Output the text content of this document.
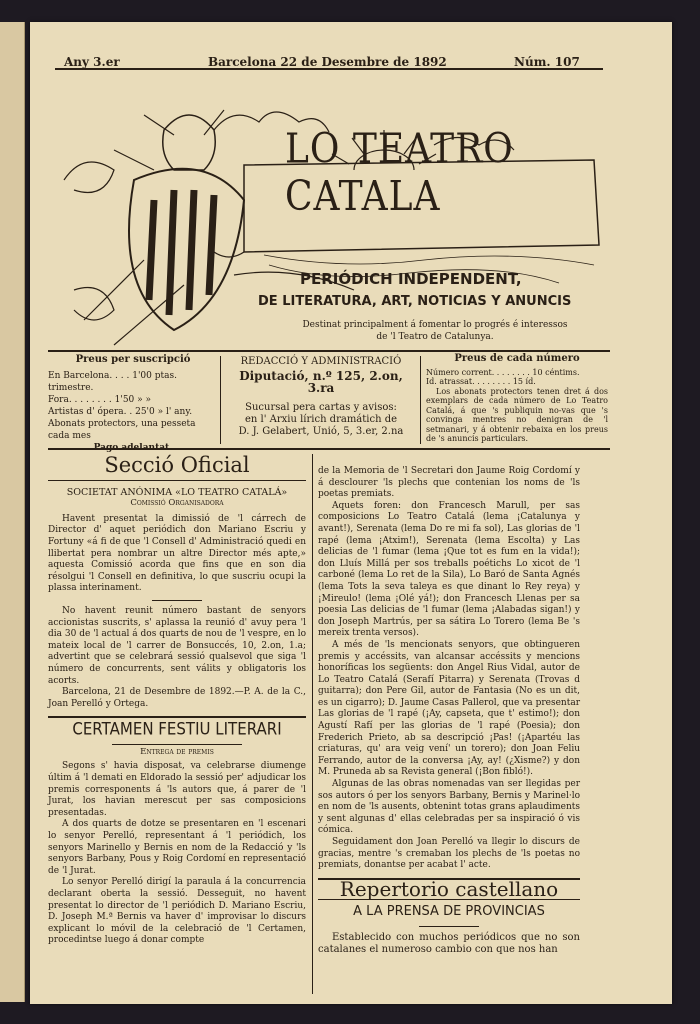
Any 3.er	Barcelona 22 de Desembre de 1892	Núm. 107
LO TEATRO CATALA
PERIÓDICH INDEPENDENT,
DE LITERATURA, ART, NOTICIAS Y ANUNCIS
Destinat principalment á fomentar lo progrés é interessos
de 'l Teatro de Catalunya.
Preus per suscripció
En Barcelona. . . . 1'00 ptas. trimestre.
Fora. . . . . . . . 1'50 » »
Artistas d' ópera. . 25'0 » l' any.
Abonats protectors, una pesseta cada mes
Pago adelantat.
REDACCIÓ Y ADMINISTRACIÓ
Diputació, n.º 125, 2.on, 3.ra
Sucursal pera cartas y avisos:
en l' Arxiu lírich dramátich de
D. J. Gelabert, Unió, 5, 3.er, 2.na
Preus de cada número
Número corrent. . . . . . . . 10 céntims.
Id. atrassat. . . . . . . . 15 íd.
Los abonats protectors tenen dret á dos exemplars de cada número de Lo Teatro Catalá, á que 's publiquin no-vas que 's convinga mentres no denigran de 'l setmanari, y á obtenir rebaixa en los preus de 's anuncis particulars.
Secció Oficial
SOCIETAT ANÓNIMA «LO TEATRO CATALÁ»
Comissió Organisadora
Havent presentat la dimissió de 'l cárrech de Director d' aquet periódich don Mariano Escriu y Fortuny «á fi de que 'l Consell d' Administració quedi en llibertat pera nombrar un altre Director més apte,» aquesta Comissió acorda que fins que en son dia résolgui 'l Consell en definitiva, lo que suscriu ocupi la plassa interinament.
No havent reunit número bastant de senyors accionistas suscrits, s' aplassa la reunió d' avuy pera 'l dia 30 de 'l actual á dos quarts de nou de 'l vespre, en lo mateix local de 'l carrer de Bonsuccés, 10, 2.on, 1.a; advertint que se celebrará sessió qualsevol que siga 'l número de concurrents, sent válits y obligatoris los acorts.
Barcelona, 21 de Desembre de 1892.—P. A. de la C., Joan Perelló y Ortega.
CERTAMEN FESTIU LITERARI
Entrega de premis
Segons s' havia disposat, va celebrarse diumenge últim á 'l demati en Eldorado la sessió per' adjudicar los premis corresponents á 'ls autors que, á parer de 'l Jurat, los havian merescut per sas composicions presentadas.
A dos quarts de dotze se presentaren en 'l escenari lo senyor Perelló, representant á 'l periódich, los senyors Marinello y Bernis en nom de la Redacció y 'ls senyors Barbany, Pous y Roig Cordomí en representació de 'l Jurat.
Lo senyor Perelló dirigí la paraula á la concurrencia declarant oberta la sessió. Desseguit, no havent presentat lo director de 'l periódich D. Mariano Escriu, D. Joseph M.ª Bernis va haver d' improvisar lo discurs explicant lo móvil de la celebració de 'l Certamen, procedintse luego á donar compte
de la Memoria de 'l Secretari don Jaume Roig Cordomí y á desclourer 'ls plechs que contenian los noms de 'ls poetas premiats.
Aquets foren: don Francesch Marull, per sas composicions Lo Teatro Catalá (lema ¡Catalunya y avant!), Serenata (lema Do re mi fa sol), Las glorias de 'l rapé (lema ¡Atxim!), Serenata (lema Escolta) y Las delicias de 'l fumar (lema ¡Que tot es fum en la vida!); don Lluís Millá per sos treballs poétichs Lo xicot de 'l carboné (lema Lo ret de la Sila), Lo Baró de Santa Agnés (lema Tots la seva taleya es que dinant lo Rey reya) y ¡Mireulo! (lema ¡Olé yá!); don Francesch Llenas per sa poesia Las delicias de 'l fumar (lema ¡Alabadas sigan!) y don Joseph Martrús, per sa sátira Lo Torero (lema Be 's mereix trenta versos).
A més de 'ls mencionats senyors, que obtingueren premis y accéssits, van alcansar accéssits y mencions honoríficas los següents: don Angel Rius Vidal, autor de Lo Teatro Catalá (Serafí Pitarra) y Serenata (Trovas d guitarra); don Pere Gil, autor de Fantasia (No es un dit, es un cigarro); D. Jaume Casas Pallerol, que va presentar Las glorias de 'l rapé (¡Ay, capseta, que t' estimo!); don Agustí Rafí per las glorias de 'l rapé (Poesia); don Frederich Prieto, ab sa descripció ¡Pas! (¡Apartéu las criaturas, qu' ara veig vení' un torero); don Joan Feliu Ferrando, autor de la conversa ¡Ay, ay! (¿Xisme?) y don M. Pruneda ab sa Revista general (¡Bon fibló!).
Algunas de las obras nomenadas van ser llegidas per sos autors ó per los senyors Barbany, Bernis y Marinel·lo en nom de 'ls ausents, obtenint totas grans aplaudiments y sent algunas d' ellas celebradas per sa inspiració ó vis cómica.
Seguidament don Joan Perelló va llegir lo discurs de gracias, mentre 's cremaban los plechs de 'ls poetas no premiats, donantse per acabat l' acte.
Repertorio castellano
A LA PRENSA DE PROVINCIAS
Establecido con muchos periódicos que no son catalanes el numeroso cambio con que nos han
